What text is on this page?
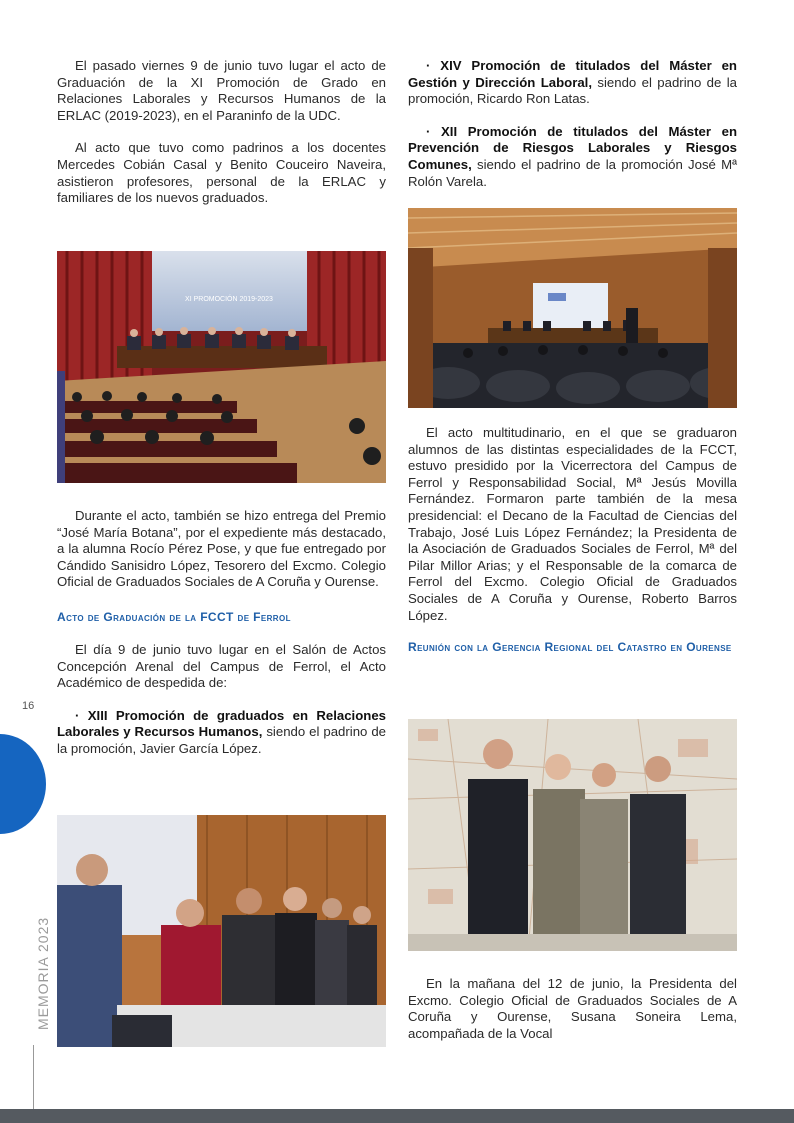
El pasado viernes 9 de junio tuvo lugar el acto de Graduación de la XI Promoción de Grado en Relaciones Laborales y Recursos Humanos de la ERLAC (2019-2023), en el Paraninfo de la UDC.

Al acto que tuvo como padrinos a los docentes Mercedes Cobián Casal y Benito Couceiro Naveira, asistieron profesores, personal de la ERLAC y familiares de los nuevos graduados.

XI PROMOCIÓN 2019-2023

Durante el acto, también se hizo entrega del Premio “José María Botana”, por el expediente más destacado, a la alumna Rocío Pérez Pose, y que fue entregado por Cándido Sanisidro López, Tesorero del Excmo. Colegio Oficial de Graduados Sociales de A Coruña y Ourense.

Acto de Graduación de la FCCT de Ferrol

El día 9 de junio tuvo lugar en el Salón de Actos Concepción Arenal del Campus de Ferrol, el Acto Académico de despedida de:

· XIII Promoción de graduados en Relaciones Laborales y Recursos Humanos, siendo el padrino de la promoción, Javier García López.

· XIV Promoción de titulados del Máster en Gestión y Dirección Laboral, siendo el padrino de la promoción, Ricardo Ron Latas.

· XII Promoción de titulados del Máster en Prevención de Riesgos Laborales y Riesgos Comunes, siendo el padrino de la promoción José Mª Rolón Varela.

El acto multitudinario, en el que se graduaron alumnos de las distintas especialidades de la FCCT, estuvo presidido por la Vicerrectora del Campus de Ferrol y Responsabilidad Social, Mª Jesús Movilla Fernández. Formaron parte también de la mesa presidencial: el Decano de la Facultad de Ciencias del Trabajo, José Luis López Fernández; la Presidenta de la Asociación de Graduados Sociales de Ferrol, Mª del Pilar Millor Arias; y el Responsable de la comarca de Ferrol del Excmo. Colegio Oficial de Graduados Sociales de A Coruña y Ourense, Roberto Barros López.

Reunión con la Gerencia Regional del Catastro en Ourense

En la mañana del 12 de junio, la Presidenta del Excmo. Colegio Oficial de Graduados Sociales de A Coruña y Ourense, Susana Soneira Lema, acompañada de la Vocal

16
MEMORIA 2023
